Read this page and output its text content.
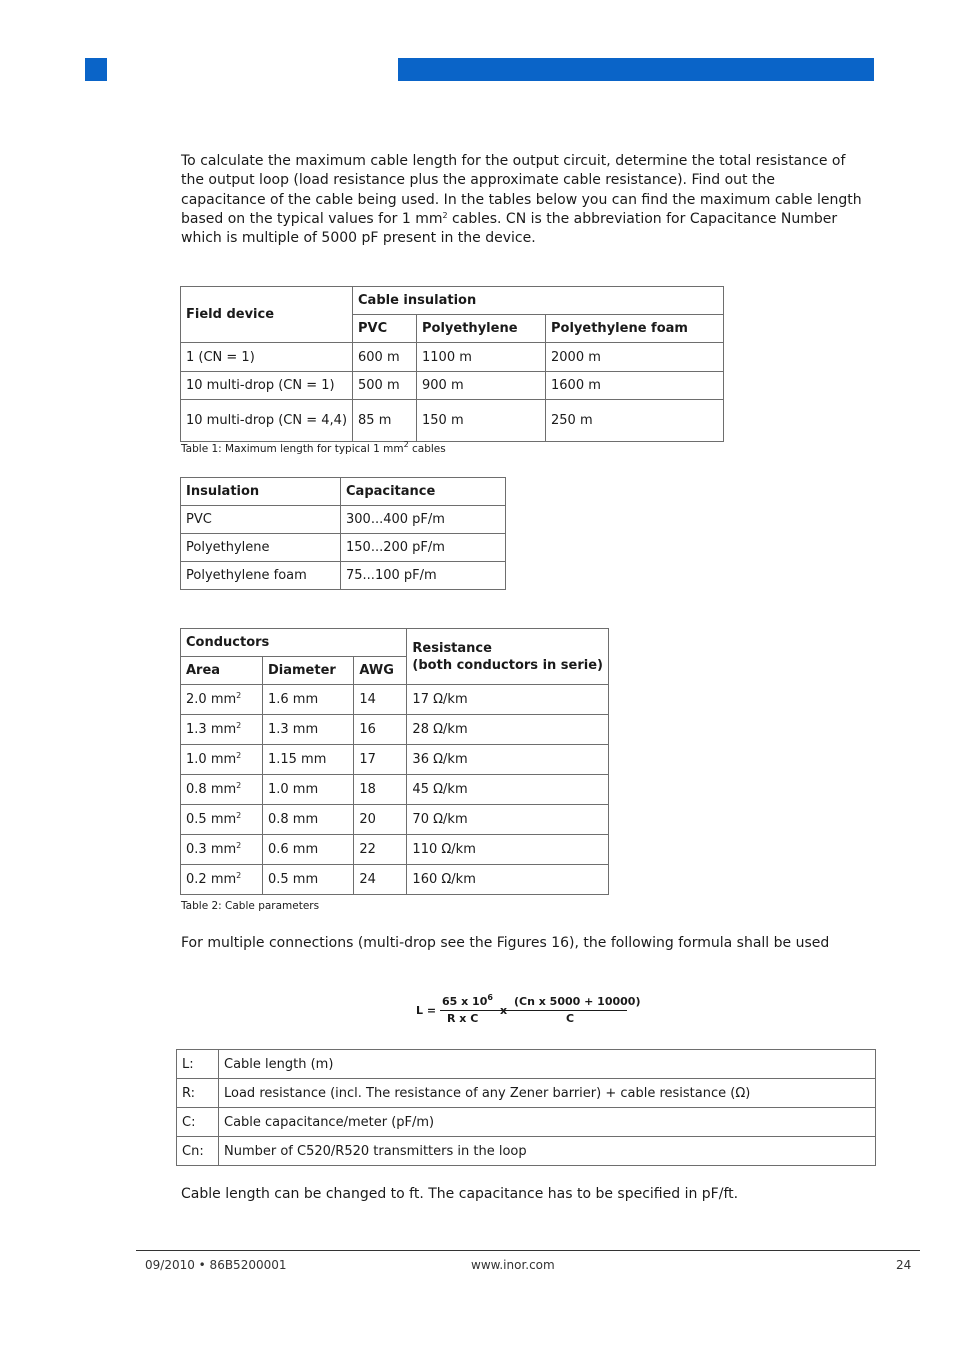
To calculate the maximum cable length for the output circuit, determine the total resistance of

the output loop (load resistance plus the approximate cable resistance). Find out the

capacitance of the cable being used. In the tables below you can find the maximum cable length

based on the typical values for 1 $mm^2$ cables. CN is the abbreviation for Capacitance Number

which is multiple of 5000 pF present in the device.

Field device	Cable insulation		
	PVC	Polyethylene	Polyethylene foam
1 (CN = 1)	600 m	1100 m	2000 m
10 multi-drop (CN = 1)	500 m	900 m	1600 m
10 multi-drop (CN = 4,4)	85 m	150 m	250 m
Table 1: Maximum length for typical 1 $mm^2$ cables
Insulation	Capacitance
PVC	300...400 pF/m
Polyethylene	150...200 pF/m
Polyethylene foam	75...100 pF/m
Conductors			Resistance
(both conductors in serie)

Area	Diameter	AWG	
2.0 $mm^2$	1.6 mm	14	17 Ω/km
1.3 $mm^2$	1.3 mm	16	28 Ω/km
1.0 $mm^2$	1.15 mm	17	36 Ω/km
0.8 $mm^2$	1.0 mm	18	45 Ω/km
0.5 $mm^2$	0.8 mm	20	70 Ω/km
0.3 $mm^2$	0.6 mm	22	110 Ω/km
0.2 $mm^2$	0.5 mm	24	160 Ω/km
Table 2: Cable parameters
For multiple connections (multi-drop see the Figures 16), the following formula shall be used
L =
65 x $10^6$
R x C
x
(Cn x 5000 + 10000)
C
L:	Cable length (m)
R:	Load resistance (incl. The resistance of any Zener barrier) + cable resistance (Ω)
C:	Cable capacitance/meter (pF/m)
Cn:	Number of C520/R520 transmitters in the loop
Cable length can be changed to ft. The capacitance has to be specified in pF/ft.
09/2010 • 86B5200001	www.inor.com	24
